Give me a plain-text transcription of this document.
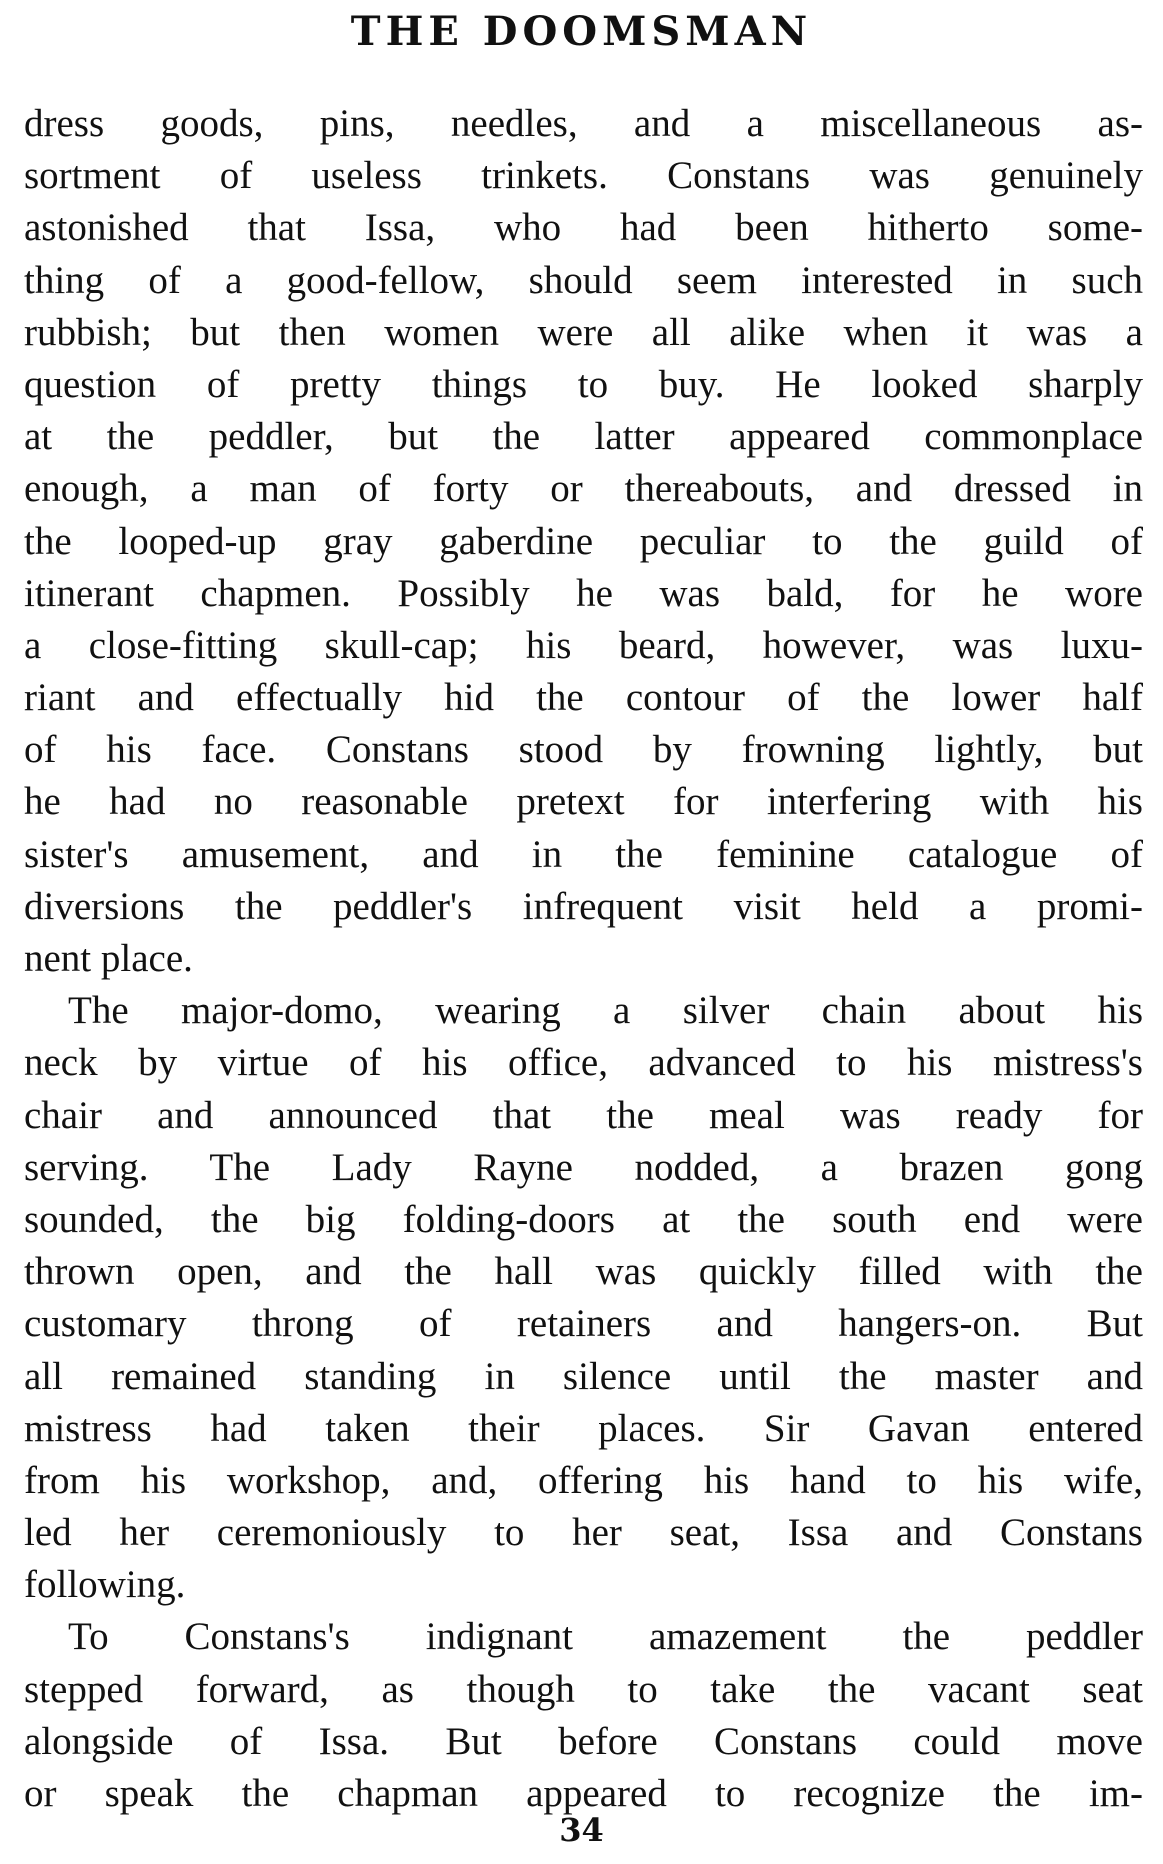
THE DOOMSMAN
dress goods, pins, needles, and a miscellaneous as-
sortment of useless trinkets. Constans was genuinely
astonished that Issa, who had been hitherto some-
thing of a good-fellow, should seem interested in such
rubbish; but then women were all alike when it was a
question of pretty things to buy. He looked sharply
at the peddler, but the latter appeared commonplace
enough, a man of forty or thereabouts, and dressed in
the looped-up gray gaberdine peculiar to the guild of
itinerant chapmen. Possibly he was bald, for he wore
a close-fitting skull-cap; his beard, however, was luxu-
riant and effectually hid the contour of the lower half
of his face. Constans stood by frowning lightly, but
he had no reasonable pretext for interfering with his
sister's amusement, and in the feminine catalogue of
diversions the peddler's infrequent visit held a promi-
nent place.
The major-domo, wearing a silver chain about his
neck by virtue of his office, advanced to his mistress's
chair and announced that the meal was ready for
serving. The Lady Rayne nodded, a brazen gong
sounded, the big folding-doors at the south end were
thrown open, and the hall was quickly filled with the
customary throng of retainers and hangers-on. But
all remained standing in silence until the master and
mistress had taken their places. Sir Gavan entered
from his workshop, and, offering his hand to his wife,
led her ceremoniously to her seat, Issa and Constans
following.
To Constans's indignant amazement the peddler
stepped forward, as though to take the vacant seat
alongside of Issa. But before Constans could move
or speak the chapman appeared to recognize the im-
34
